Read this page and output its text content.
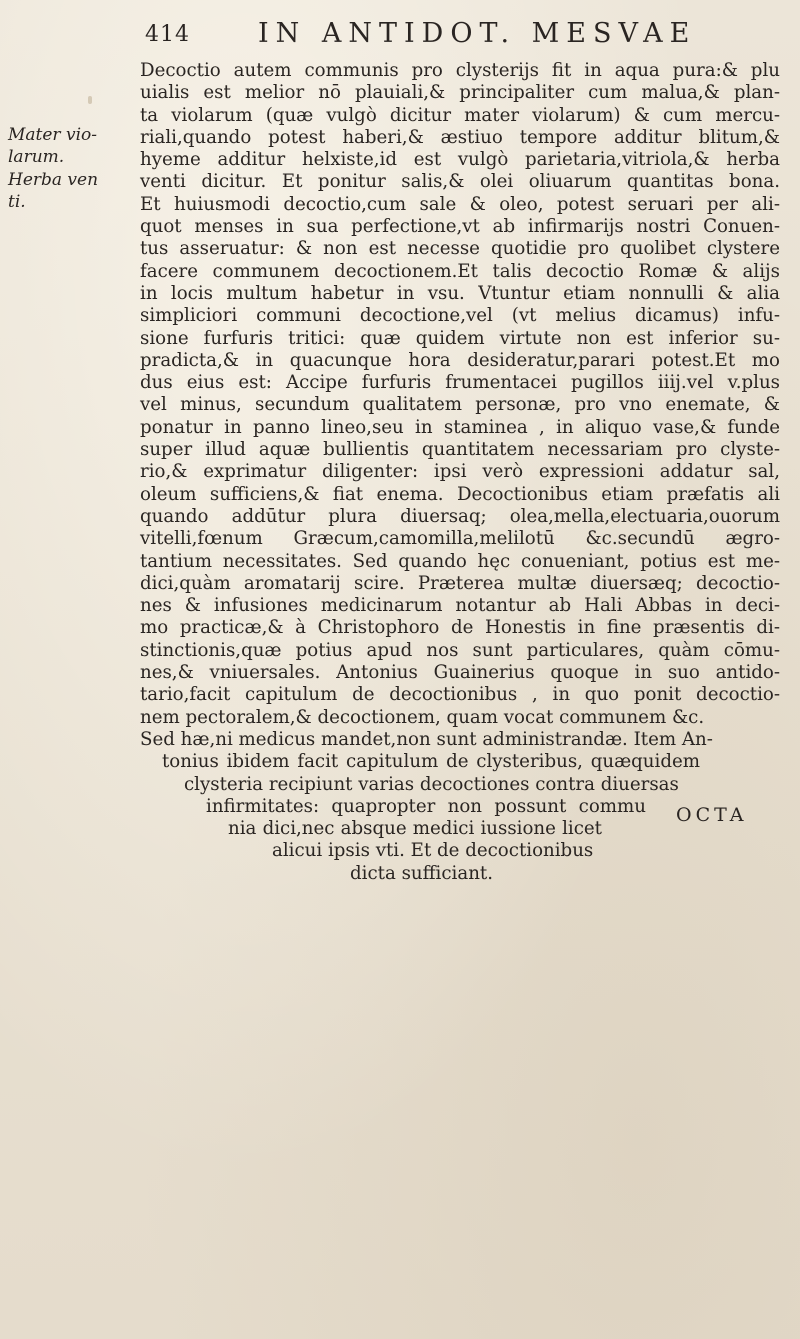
414	IN ANTIDOT. MESVAE
Mater vio-
larum.
Herba ven
ti.
Decoctio autem communis pro clysterijs fit in aqua pura:& plu
uialis est melior nō plauiali,& principaliter cum malua,& plan-
ta violarum (quæ vulgò dicitur mater violarum) & cum mercu-
riali,quando potest haberi,& æstiuo tempore additur blitum,&
hyeme additur helxiste,id est vulgò parietaria,vitriola,& herba
venti dicitur. Et ponitur salis,& olei oliuarum quantitas bona.
Et huiusmodi decoctio,cum sale & oleo, potest seruari per ali-
quot menses in sua perfectione,vt ab infirmarijs nostri Conuen-
tus asseruatur: & non est necesse quotidie pro quolibet clystere
facere communem decoctionem.Et talis decoctio Romæ & alijs
in locis multum habetur in vsu. Vtuntur etiam nonnulli & alia
simpliciori communi decoctione,vel (vt melius dicamus) infu-
sione furfuris tritici: quæ quidem virtute non est inferior su-
pradicta,& in quacunque hora desideratur,parari potest.Et mo
dus eius est: Accipe furfuris frumentacei pugillos iiij.vel v.plus
vel minus, secundum qualitatem personæ, pro vno enemate, &
ponatur in panno lineo,seu in staminea , in aliquo vase,& funde
super illud aquæ bullientis quantitatem necessariam pro clyste-
rio,& exprimatur diligenter: ipsi verò expressioni addatur sal,
oleum sufficiens,& fiat enema. Decoctionibus etiam præfatis ali
quando addūtur plura diuersaq; olea,mella,electuaria,ouorum
vitelli,fœnum Græcum,camomilla,melilotū &c.secundū ægro-
tantium necessitates. Sed quando hęc conueniant, potius est me-
dici,quàm aromatarij scire. Præterea multæ diuersæq; decoctio-
nes & infusiones medicinarum notantur ab Hali Abbas in deci-
mo practicæ,& à Christophoro de Honestis in fine præsentis di-
stinctionis,quæ potius apud nos sunt particulares, quàm cōmu-
nes,& vniuersales. Antonius Guainerius quoque in suo antido-
tario,facit capitulum de decoctionibus , in quo ponit decoctio-
nem pectoralem,& decoctionem, quam vocat communem &c.
Sed hæ,ni medicus mandet,non sunt administrandæ. Item An-
tonius ibidem facit capitulum de clysteribus, quæquidem
clysteria recipiunt varias decoctiones contra diuersas
infirmitates: quapropter non possunt commu
nia dici,nec absque medici iussione licet
alicui ipsis vti. Et de decoctionibus
dicta sufficiant.
OCTA
